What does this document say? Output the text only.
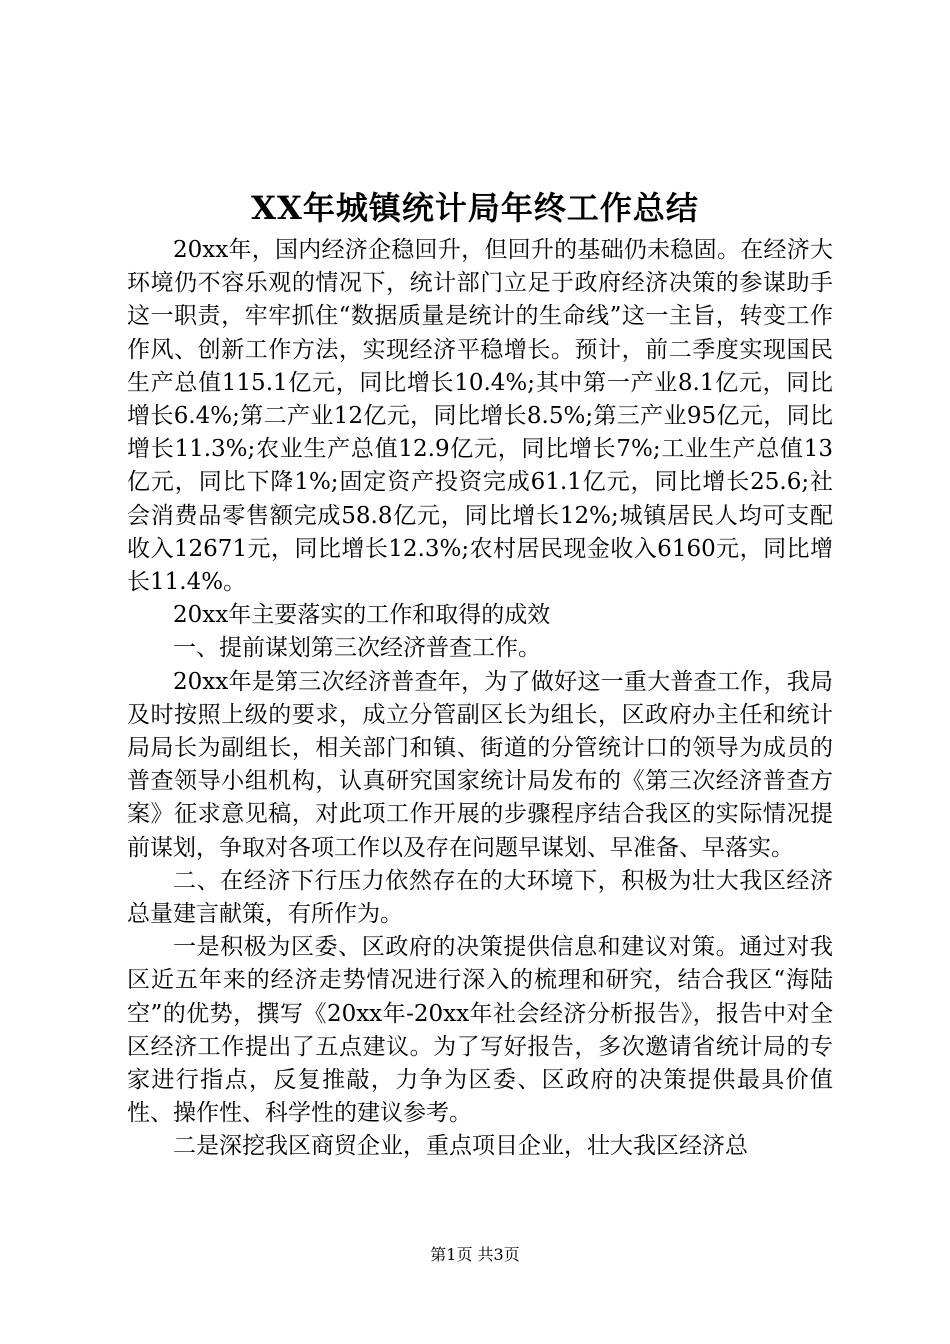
XX年城镇统计局年终工作总结

20xx年，国内经济企稳回升，但回升的基础仍未稳固。在经济大环境仍不容乐观的情况下，统计部门立足于政府经济决策的参谋助手这一职责，牢牢抓住“数据质量是统计的生命线”这一主旨，转变工作作风、创新工作方法，实现经济平稳增长。预计，前二季度实现国民生产总值115.1亿元，同比增长10.4%;其中第一产业8.1亿元，同比增长6.4%;第二产业12亿元，同比增长8.5%;第三产业95亿元，同比增长11.3%;农业生产总值12.9亿元，同比增长7%;工业生产总值13亿元，同比下降1%;固定资产投资完成61.1亿元，同比增长25.6;社会消费品零售额完成58.8亿元，同比增长12%;城镇居民人均可支配收入12671元，同比增长12.3%;农村居民现金收入6160元，同比增长11.4%。

20xx年主要落实的工作和取得的成效

一、提前谋划第三次经济普查工作。

20xx年是第三次经济普查年，为了做好这一重大普查工作，我局及时按照上级的要求，成立分管副区长为组长，区政府办主任和统计局局长为副组长，相关部门和镇、街道的分管统计口的领导为成员的普查领导小组机构，认真研究国家统计局发布的《第三次经济普查方案》征求意见稿，对此项工作开展的步骤程序结合我区的实际情况提前谋划，争取对各项工作以及存在问题早谋划、早准备、早落实。

二、在经济下行压力依然存在的大环境下，积极为壮大我区经济总量建言献策，有所作为。

一是积极为区委、区政府的决策提供信息和建议对策。通过对我区近五年来的经济走势情况进行深入的梳理和研究，结合我区“海陆空”的优势，撰写《20xx年-20xx年社会经济分析报告》，报告中对全区经济工作提出了五点建议。为了写好报告，多次邀请省统计局的专家进行指点，反复推敲，力争为区委、区政府的决策提供最具价值性、操作性、科学性的建议参考。

二是深挖我区商贸企业，重点项目企业，壮大我区经济总

第1页 共3页
